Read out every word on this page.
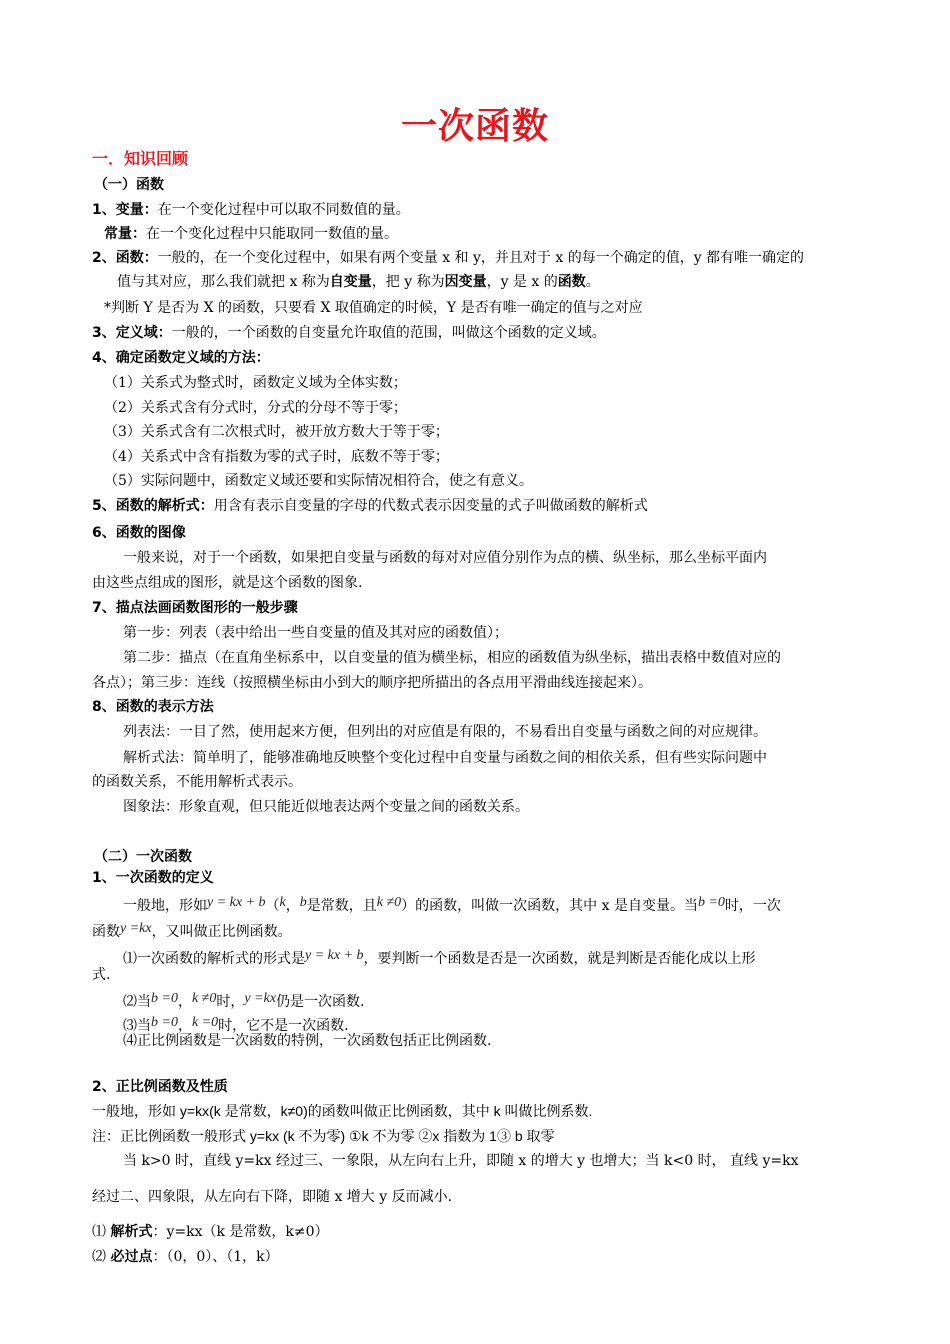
一次函数
一．知识回顾
（一）函数
1、变量：在一个变化过程中可以取不同数值的量。
常量：在一个变化过程中只能取同一数值的量。
2、函数：一般的，在一个变化过程中，如果有两个变量 x 和 y，并且对于 x 的每一个确定的值，y 都有唯一确定的
值与其对应，那么我们就把 x 称为自变量，把 y 称为因变量，y 是 x 的函数。
*判断 Y 是否为 X 的函数，只要看 X 取值确定的时候，Y 是否有唯一确定的值与之对应
3、定义域：一般的，一个函数的自变量允许取值的范围，叫做这个函数的定义域。
4、确定函数定义域的方法：
（1）关系式为整式时，函数定义域为全体实数；
（2）关系式含有分式时，分式的分母不等于零；
（3）关系式含有二次根式时，被开放方数大于等于零；
（4）关系式中含有指数为零的式子时，底数不等于零；
（5）实际问题中，函数定义域还要和实际情况相符合，使之有意义。
5、函数的解析式：用含有表示自变量的字母的代数式表示因变量的式子叫做函数的解析式
6、函数的图像
一般来说，对于一个函数，如果把自变量与函数的每对对应值分别作为点的横、纵坐标，那么坐标平面内
由这些点组成的图形，就是这个函数的图象.
7、描点法画函数图形的一般步骤
第一步：列表（表中给出一些自变量的值及其对应的函数值）；
第二步：描点（在直角坐标系中，以自变量的值为横坐标，相应的函数值为纵坐标，描出表格中数值对应的
各点）；第三步：连线（按照横坐标由小到大的顺序把所描出的各点用平滑曲线连接起来）。
8、函数的表示方法
列表法：一目了然，使用起来方便，但列出的对应值是有限的，不易看出自变量与函数之间的对应规律。
解析式法：简单明了，能够准确地反映整个变化过程中自变量与函数之间的相依关系，但有些实际问题中
的函数关系，不能用解析式表示。
图象法：形象直观，但只能近似地表达两个变量之间的函数关系。
（二）一次函数
1、一次函数的定义
一般地，形如y = kx + b（k，b是常数，且k ≠0）的函数，叫做一次函数，其中 x 是自变量。当b =0时，一次
函数y =kx，又叫做正比例函数。
⑴一次函数的解析式的形式是y = kx + b，要判断一个函数是否是一次函数，就是判断是否能化成以上形
式.
⑵当b =0，k ≠0时，y =kx仍是一次函数.
⑶当b =0，k =0时，它不是一次函数.
⑷正比例函数是一次函数的特例，一次函数包括正比例函数.
2、正比例函数及性质
一般地，形如 y=kx(k 是常数，k≠0)的函数叫做正比例函数，其中 k 叫做比例系数.
注：正比例函数一般形式 y=kx (k 不为零) ①k 不为零 ②x 指数为 1③ b 取零
当 k>0 时，直线 y=kx 经过三、一象限，从左向右上升，即随 x 的增大 y 也增大；当 k<0 时， 直线 y=kx
经过二、四象限，从左向右下降，即随 x 增大 y 反而减小.
⑴ 解析式：y=kx（k 是常数，k≠0）
⑵ 必过点：（0，0）、（1，k）
